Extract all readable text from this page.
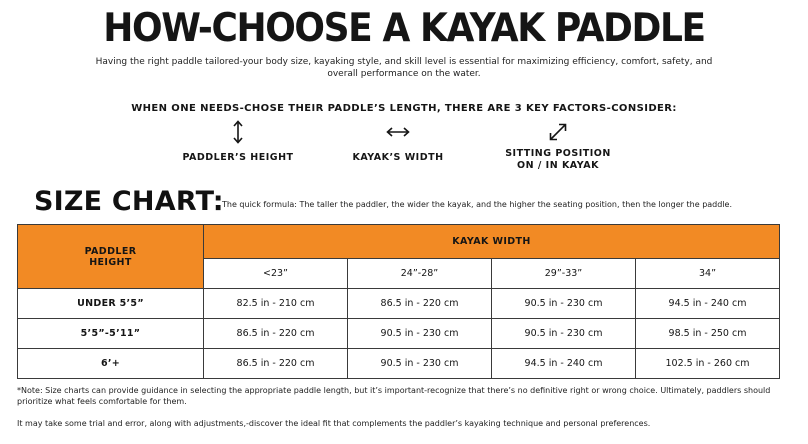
HOW-CHOOSE A KAYAK PADDLE
Having the right paddle tailored-your body size, kayaking style, and skill level is essential for maximizing efficiency, comfort, safety, and overall performance on the water.
WHEN ONE NEEDS-CHOSE THEIR PADDLE’S LENGTH, THERE ARE 3 KEY FACTORS-CONSIDER:
PADDLER’S HEIGHT	KAYAK’S WIDTH	SITTING POSITION
ON / IN KAYAK
SIZE CHART:
The quick formula: The taller the paddler, the wider the kayak, and the higher the seating position, then the longer the paddle.
PADDLER
HEIGHT	KAYAK WIDTH			
	<23”	24”-28”	29”-33”	34”
UNDER 5’5”	82.5 in - 210 cm	86.5 in - 220 cm	90.5 in - 230 cm	94.5 in - 240 cm
5’5”-5’11”	86.5 in - 220 cm	90.5 in - 230 cm	90.5 in - 230 cm	98.5 in - 250 cm
6’+	86.5 in - 220 cm	90.5 in - 230 cm	94.5 in - 240 cm	102.5 in - 260 cm
*Note: Size charts can provide guidance in selecting the appropriate paddle length, but it’s important-recognize that there’s no definitive right or wrong choice. Ultimately, paddlers should prioritize what feels comfortable for them.
It may take some trial and error, along with adjustments,-discover the ideal fit that complements the paddler’s kayaking technique and personal preferences.
